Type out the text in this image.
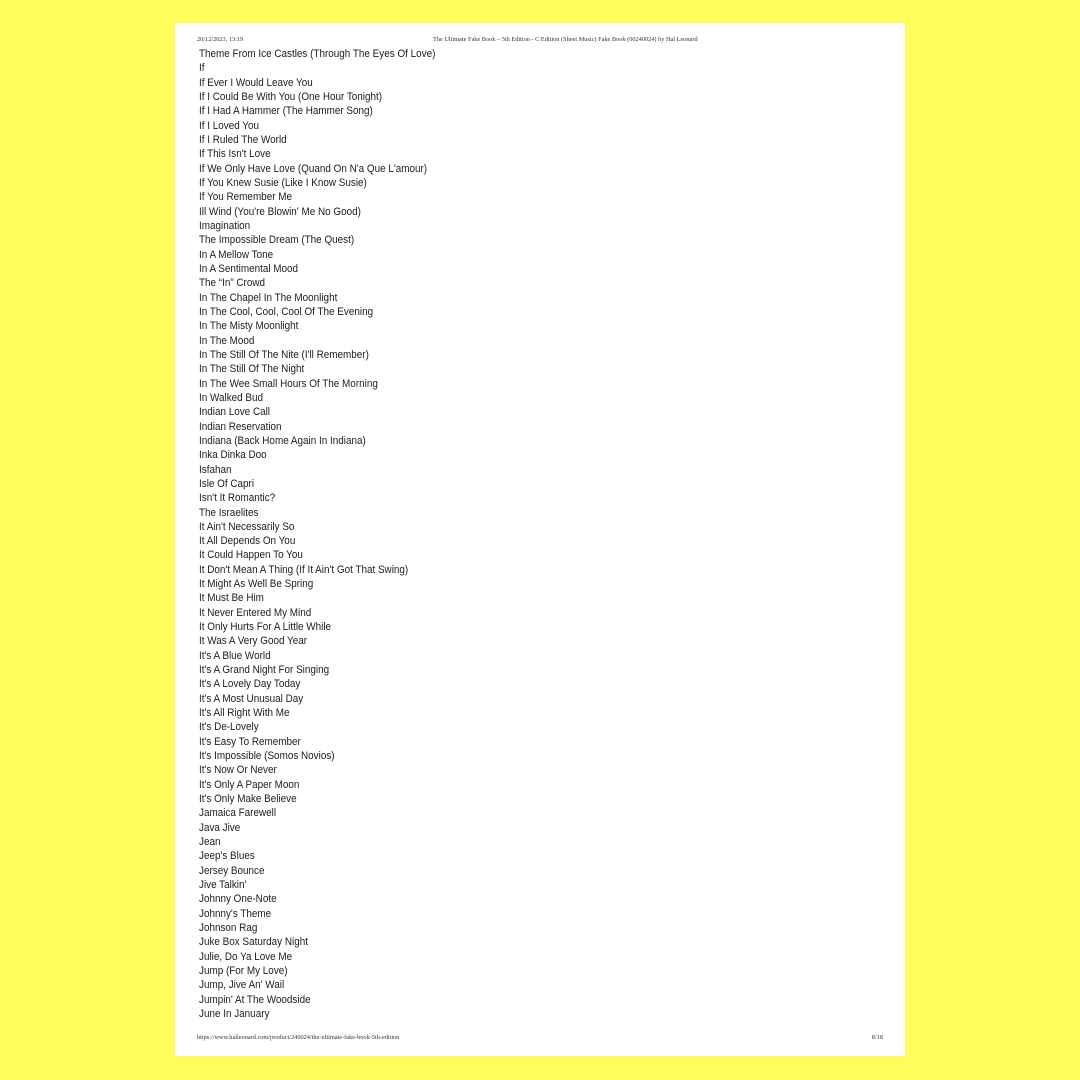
20/12/2023, 13:19	The Ultimate Fake Book – 5th Edition - C Edition (Sheet Music) Fake Book (00240024) by Hal Leonard
Theme From Ice Castles (Through The Eyes Of Love)
If
If Ever I Would Leave You
If I Could Be With You (One Hour Tonight)
If I Had A Hammer (The Hammer Song)
If I Loved You
If I Ruled The World
If This Isn't Love
If We Only Have Love (Quand On N'a Que L'amour)
If You Knew Susie (Like I Know Susie)
If You Remember Me
Ill Wind (You're Blowin' Me No Good)
Imagination
The Impossible Dream (The Quest)
In A Mellow Tone
In A Sentimental Mood
The “In” Crowd
In The Chapel In The Moonlight
In The Cool, Cool, Cool Of The Evening
In The Misty Moonlight
In The Mood
In The Still Of The Nite (I'll Remember)
In The Still Of The Night
In The Wee Small Hours Of The Morning
In Walked Bud
Indian Love Call
Indian Reservation
Indiana (Back Home Again In Indiana)
Inka Dinka Doo
Isfahan
Isle Of Capri
Isn't It Romantic?
The Israelites
It Ain't Necessarily So
It All Depends On You
It Could Happen To You
It Don't Mean A Thing (If It Ain't Got That Swing)
It Might As Well Be Spring
It Must Be Him
It Never Entered My Mind
It Only Hurts For A Little While
It Was A Very Good Year
It's A Blue World
It's A Grand Night For Singing
It's A Lovely Day Today
It's A Most Unusual Day
It's All Right With Me
It's De-Lovely
It's Easy To Remember
It's Impossible (Somos Novios)
It's Now Or Never
It's Only A Paper Moon
It's Only Make Believe
Jamaica Farewell
Java Jive
Jean
Jeep's Blues
Jersey Bounce
Jive Talkin'
Johnny One-Note
Johnny's Theme
Johnson Rag
Juke Box Saturday Night
Julie, Do Ya Love Me
Jump (For My Love)
Jump, Jive An' Wail
Jumpin' At The Woodside
June In January
https://www.halleonard.com/product/240024/the-ultimate-fake-book-5th-edition	8/18
